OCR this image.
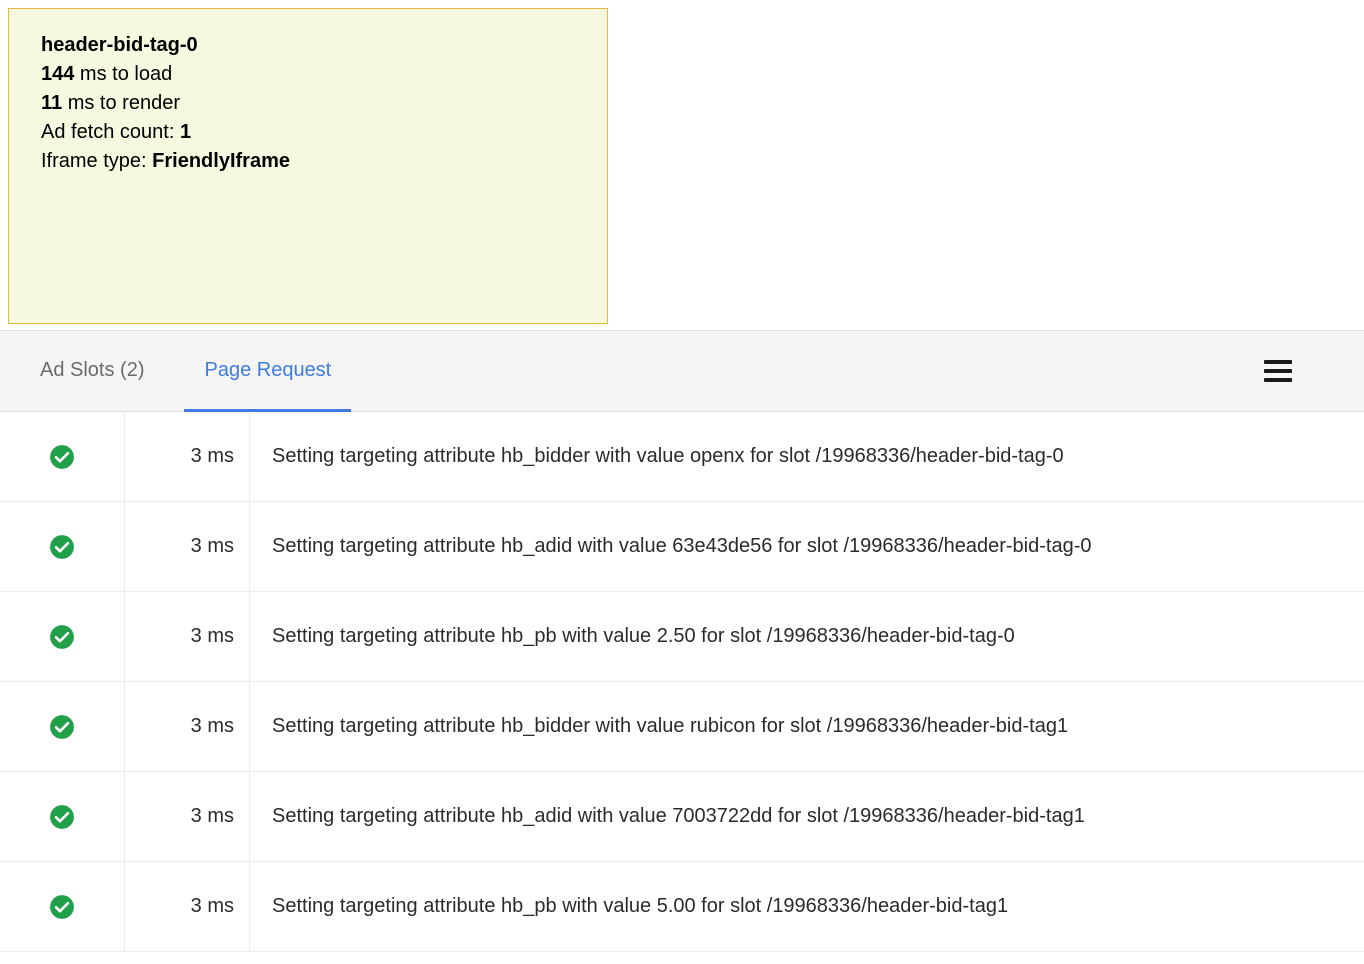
header-bid-tag-0
144 ms to load
11 ms to render
Ad fetch count: 1
Iframe type: FriendlyIframe
Ad Slots (2)	Page Request
3 ms	Setting targeting attribute hb_bidder with value openx for slot /19968336/header-bid-tag-0
3 ms	Setting targeting attribute hb_adid with value 63e43de56 for slot /19968336/header-bid-tag-0
3 ms	Setting targeting attribute hb_pb with value 2.50 for slot /19968336/header-bid-tag-0
3 ms	Setting targeting attribute hb_bidder with value rubicon for slot /19968336/header-bid-tag1
3 ms	Setting targeting attribute hb_adid with value 7003722dd for slot /19968336/header-bid-tag1
3 ms	Setting targeting attribute hb_pb with value 5.00 for slot /19968336/header-bid-tag1
